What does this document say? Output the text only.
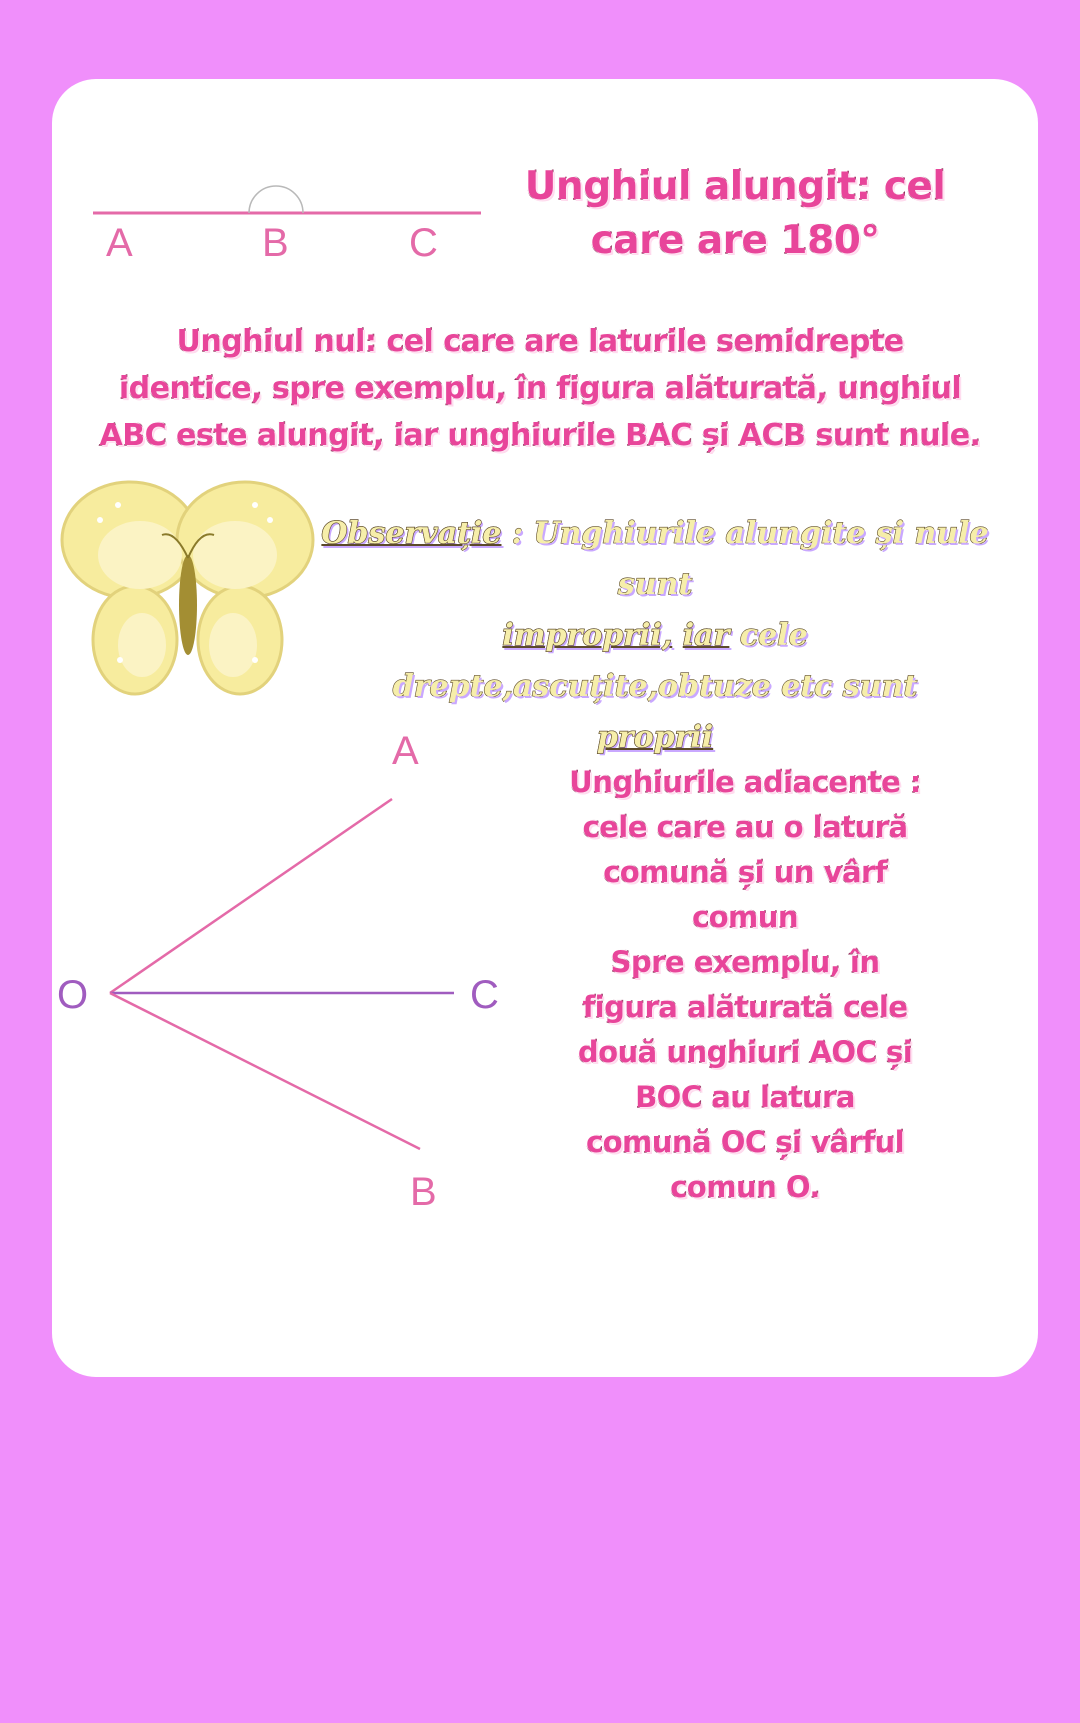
A	B	C
A
O	C
B
Unghiul alungit: cel
care are 180°
Unghiul nul: cel care are laturile semidrepte
identice, spre exemplu, în figura alăturată, unghiul
ABC este alungit, iar unghiurile BAC și ACB sunt nule.
Observație : Unghiurile alungite și nule sunt
improprii, iar cele drepte,ascuțite,obtuze etc sunt
proprii
Unghiurile adiacente :
cele care au o latură
comună și un vârf
comun
Spre exemplu, în
figura alăturată cele
două unghiuri AOC și
BOC au latura
comună OC și vârful
comun O.
